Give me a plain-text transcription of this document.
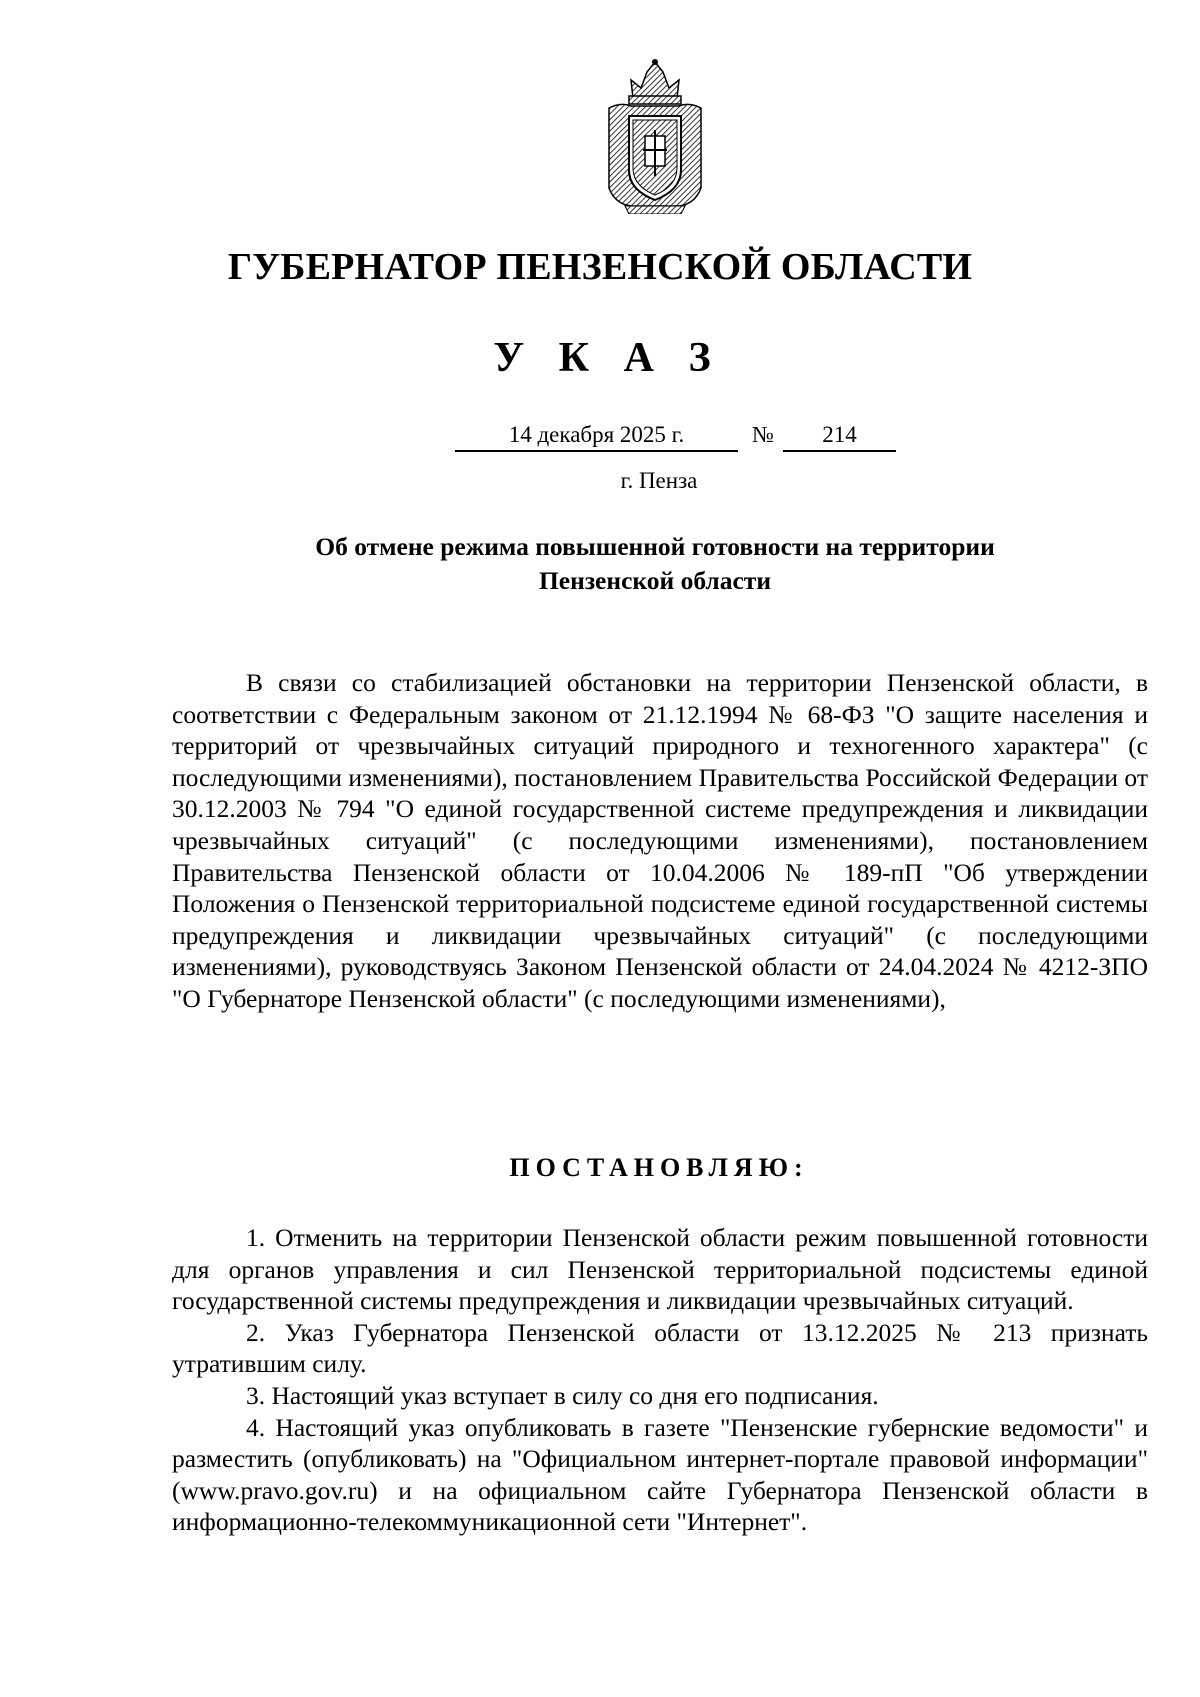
ГУБЕРНАТОР ПЕНЗЕНСКОЙ ОБЛАСТИ
У К А З
14 декабря 2025 г.	№	214
г. Пенза
Об отмене режима повышенной готовности на территории Пензенской области

В связи со стабилизацией обстановки на территории Пензенской области, в соответствии с Федеральным законом от 21.12.1994 № 68-ФЗ "О защите населения и территорий от чрезвычайных ситуаций природного и техногенного характера" (с последующими изменениями), постановлением Правительства Российской Федерации от 30.12.2003 № 794 "О единой государственной системе предупреждения и ликвидации чрезвычайных ситуаций" (с последующими изменениями), постановлением Правительства Пензенской области от 10.04.2006 № 189-пП "Об утверждении Положения о Пензенской территориальной подсистеме единой государственной системы предупреждения и ликвидации чрезвычайных ситуаций" (с последующими изменениями), руководствуясь Законом Пензенской области от 24.04.2024 № 4212-ЗПО "О Губернаторе Пензенской области" (с последующими изменениями),

ПОСТАНОВЛЯЮ:

1. Отменить на территории Пензенской области режим повышенной готовности для органов управления и сил Пензенской территориальной подсистемы единой государственной системы предупреждения и ликвидации чрезвычайных ситуаций.

2. Указ Губернатора Пензенской области от 13.12.2025 № 213 признать утратившим силу.

3. Настоящий указ вступает в силу со дня его подписания.

4. Настоящий указ опубликовать в газете "Пензенские губернские ведомости" и разместить (опубликовать) на "Официальном интернет-портале правовой информации" (www.pravo.gov.ru) и на официальном сайте Губернатора Пензенской области в информационно-телекоммуникационной сети "Интернет".
